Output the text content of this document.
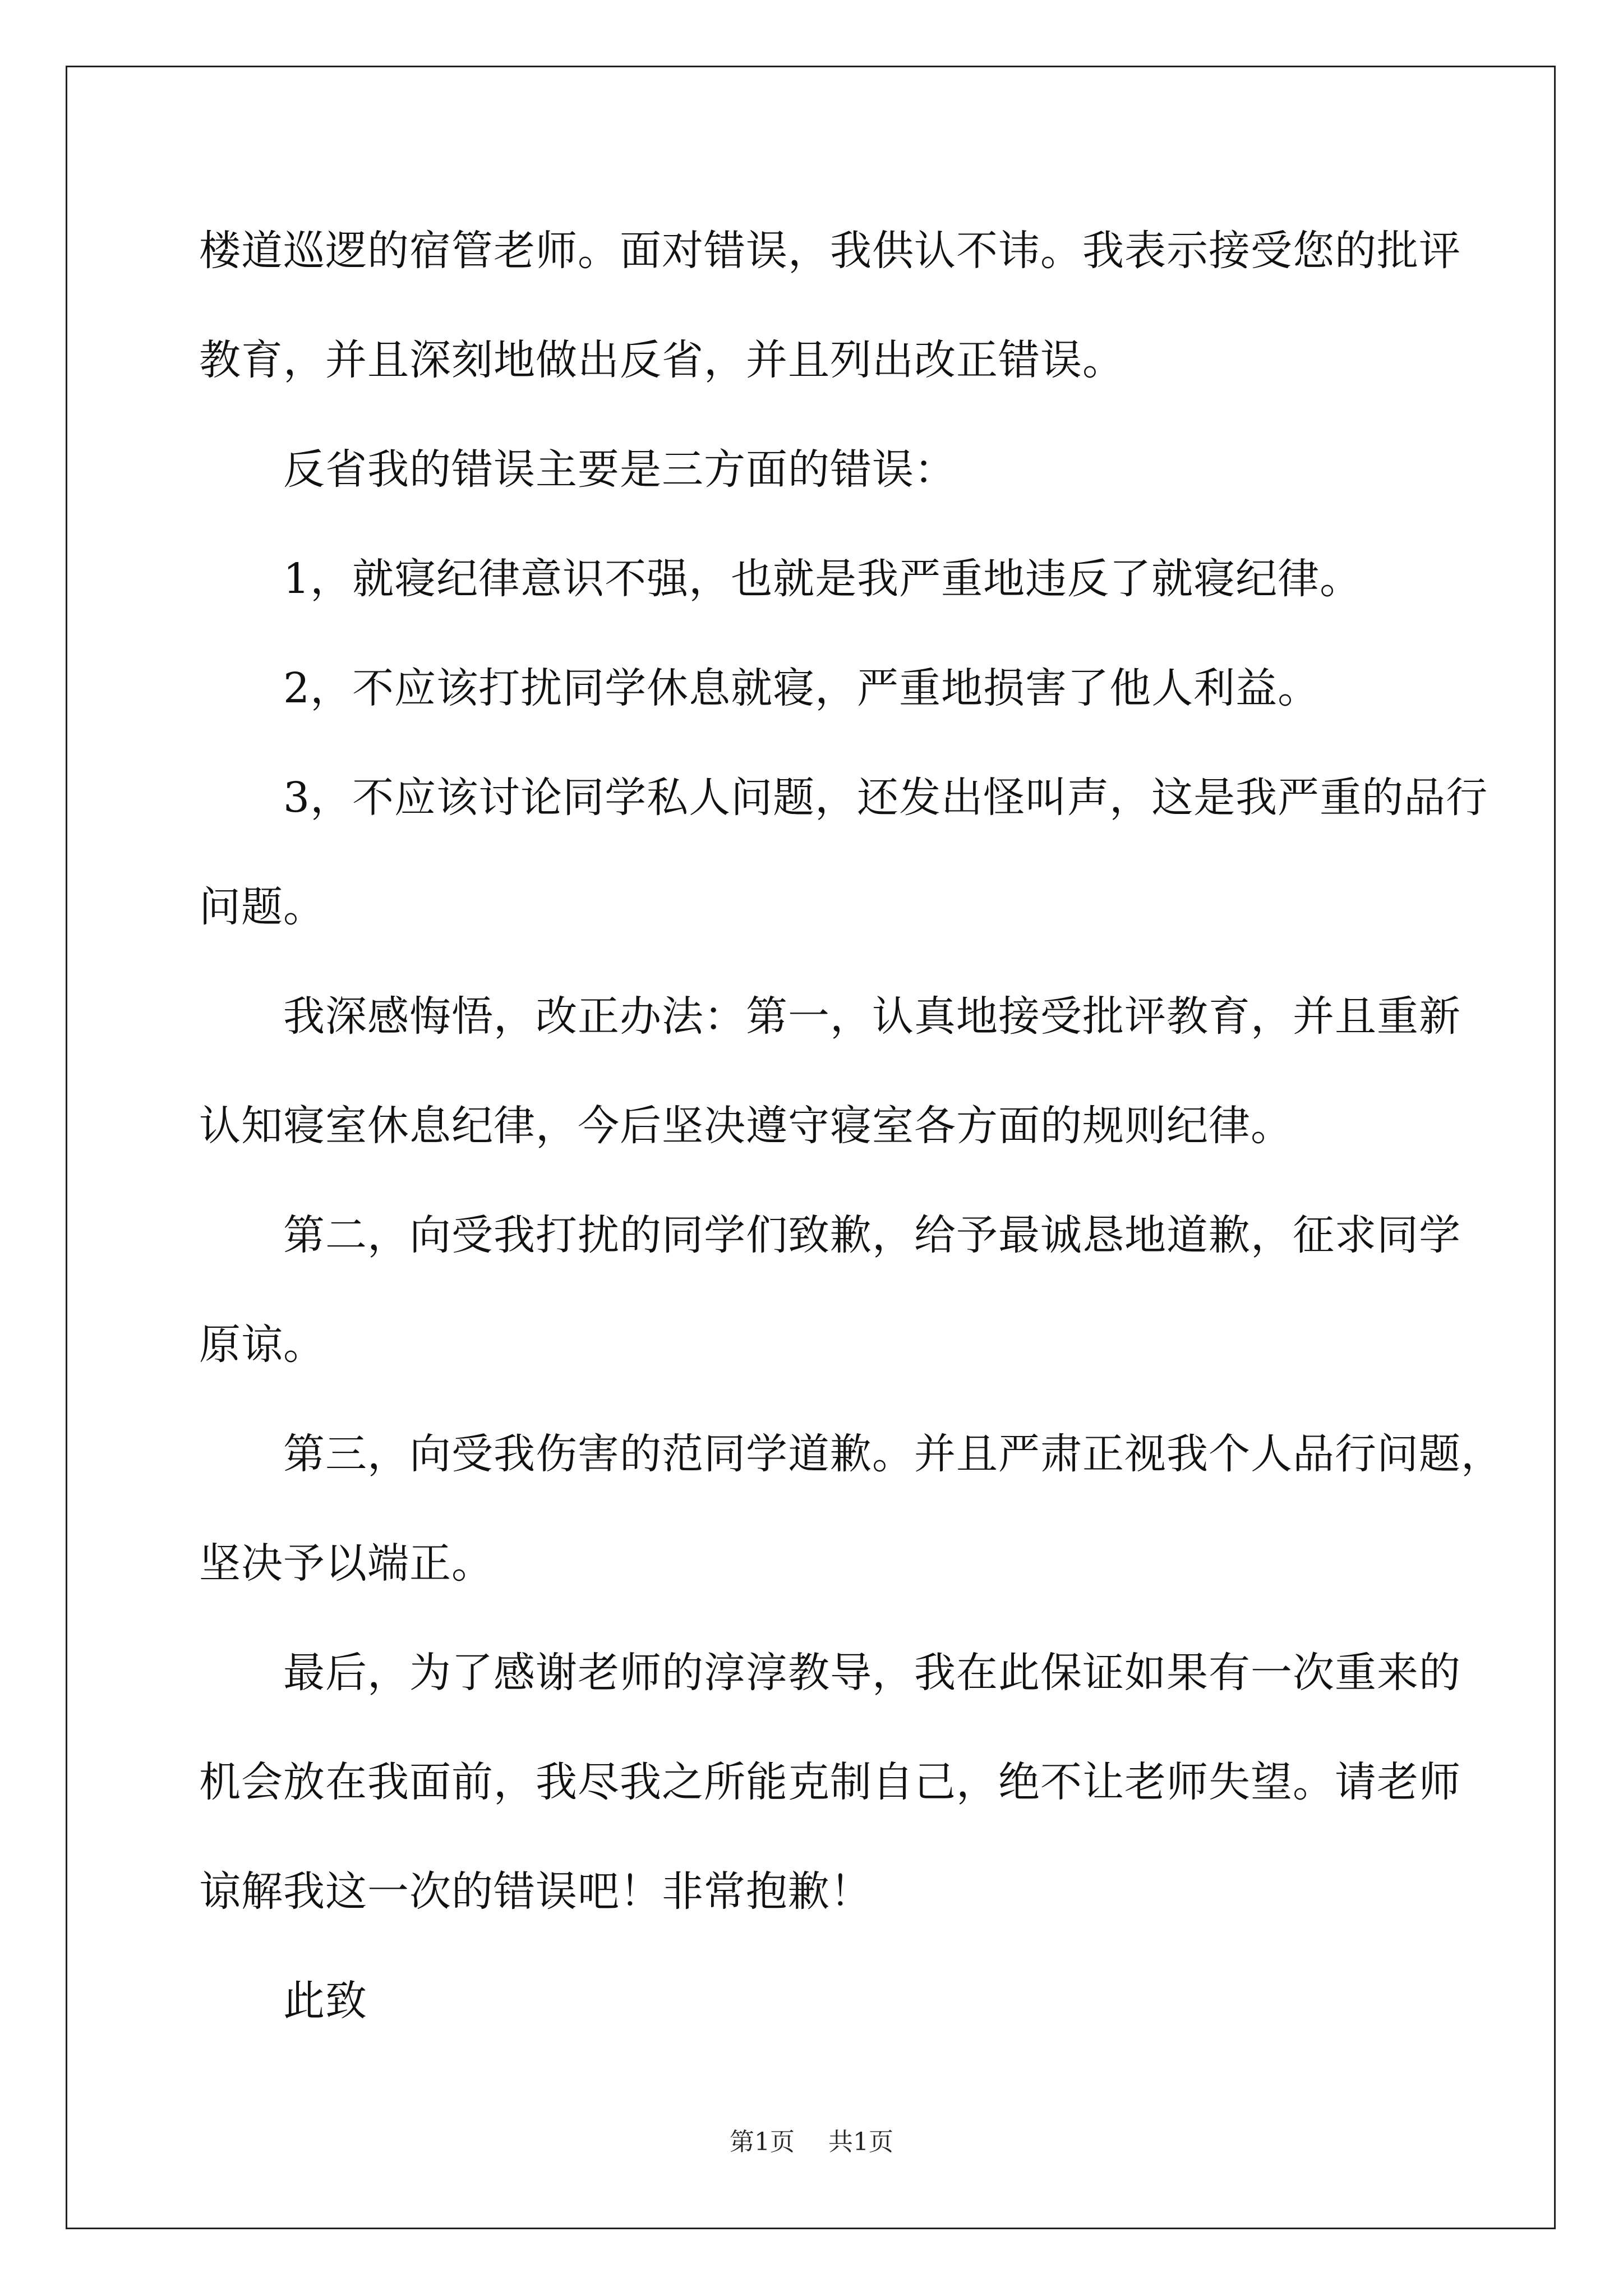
楼道巡逻的宿管老师。面对错误，我供认不讳。我表示接受您的批评
教育，并且深刻地做出反省，并且列出改正错误。
反省我的错误主要是三方面的错误：
1，就寝纪律意识不强，也就是我严重地违反了就寝纪律。
2，不应该打扰同学休息就寝，严重地损害了他人利益。
3，不应该讨论同学私人问题，还发出怪叫声，这是我严重的品行
问题。
我深感悔悟，改正办法：第一，认真地接受批评教育，并且重新
认知寝室休息纪律，今后坚决遵守寝室各方面的规则纪律。
第二，向受我打扰的同学们致歉，给予最诚恳地道歉，征求同学
原谅。
第三，向受我伤害的范同学道歉。并且严肃正视我个人品行问题，
坚决予以端正。
最后，为了感谢老师的淳淳教导，我在此保证如果有一次重来的
机会放在我面前，我尽我之所能克制自己，绝不让老师失望。请老师
谅解我这一次的错误吧！非常抱歉！
此致
第1页 共1页
